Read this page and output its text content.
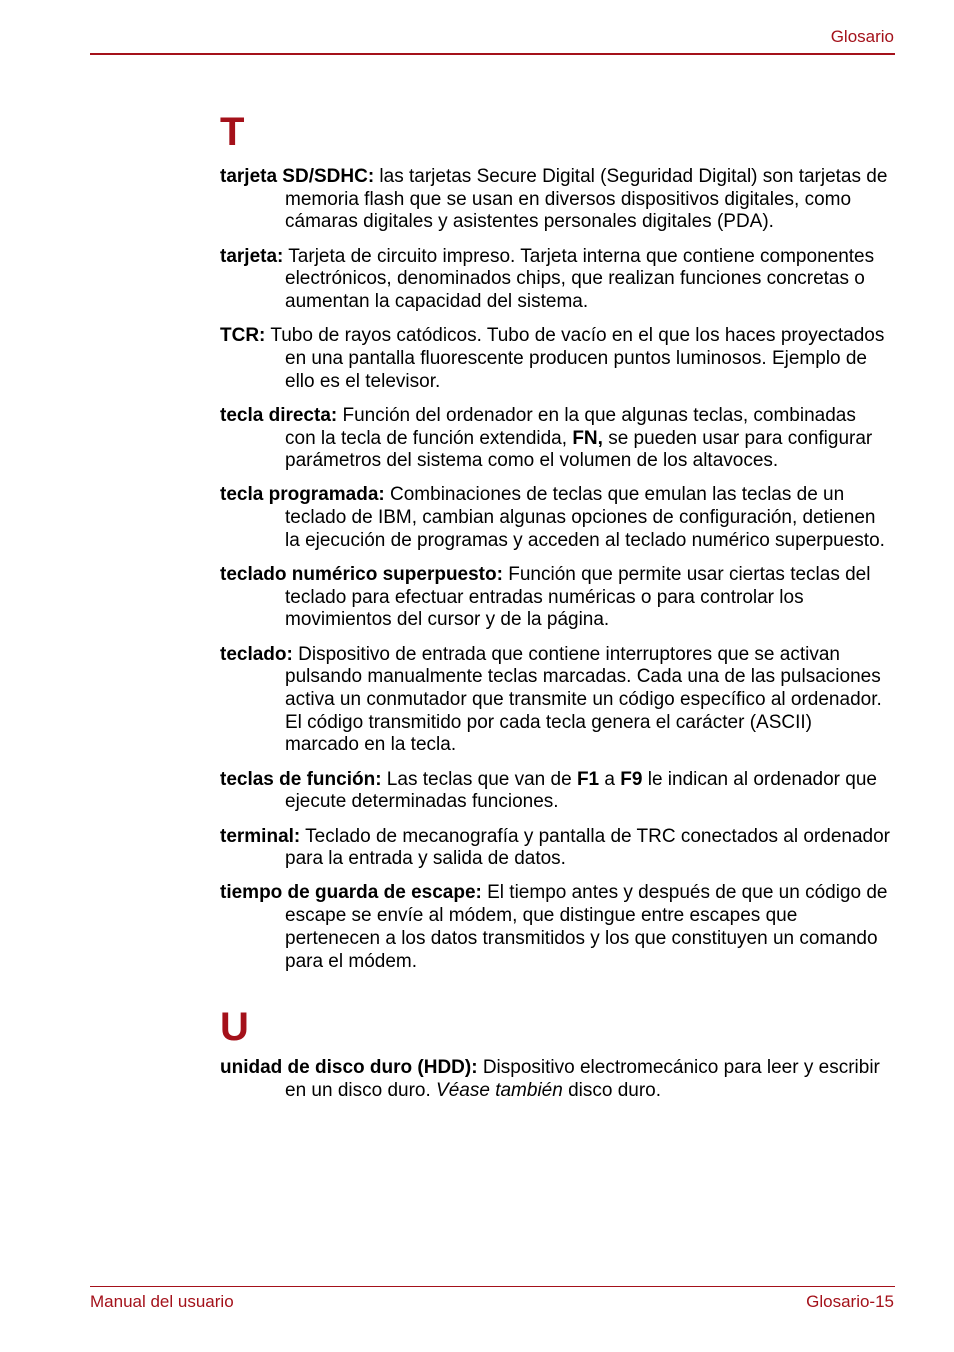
Glosario
T

tarjeta SD/SDHC: las tarjetas Secure Digital (Seguridad Digital) son tarjetas de memoria flash que se usan en diversos dispositivos digitales, como cámaras digitales y asistentes personales digitales (PDA).

tarjeta: Tarjeta de circuito impreso. Tarjeta interna que contiene componentes electrónicos, denominados chips, que realizan funciones concretas o aumentan la capacidad del sistema.

TCR: Tubo de rayos catódicos. Tubo de vacío en el que los haces proyectados en una pantalla fluorescente producen puntos luminosos. Ejemplo de ello es el televisor.

tecla directa: Función del ordenador en la que algunas teclas, combinadas con la tecla de función extendida, FN, se pueden usar para configurar parámetros del sistema como el volumen de los altavoces.

tecla programada: Combinaciones de teclas que emulan las teclas de un teclado de IBM, cambian algunas opciones de configuración, detienen la ejecución de programas y acceden al teclado numérico superpuesto.

teclado numérico superpuesto: Función que permite usar ciertas teclas del teclado para efectuar entradas numéricas o para controlar los movimientos del cursor y de la página.

teclado: Dispositivo de entrada que contiene interruptores que se activan pulsando manualmente teclas marcadas. Cada una de las pulsaciones activa un conmutador que transmite un código específico al ordenador. El código transmitido por cada tecla genera el carácter (ASCII) marcado en la tecla.

teclas de función: Las teclas que van de F1 a F9 le indican al ordenador que ejecute determinadas funciones.

terminal: Teclado de mecanografía y pantalla de TRC conectados al ordenador para la entrada y salida de datos.

tiempo de guarda de escape: El tiempo antes y después de que un código de escape se envíe al módem, que distingue entre escapes que pertenecen a los datos transmitidos y los que constituyen un comando para el módem.

U

unidad de disco duro (HDD): Dispositivo electromecánico para leer y escribir en un disco duro. Véase también disco duro.

Manual del usuario	Glosario-15
